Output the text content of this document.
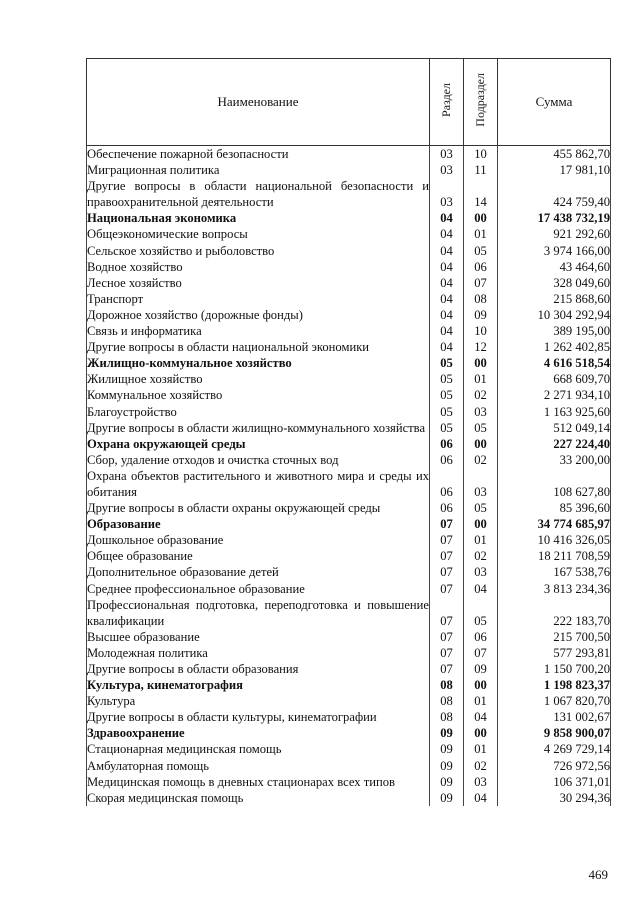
Наименование	Раздел	Подраздел	Сумма
Обеспечение пожарной безопасности	03	10	455 862,70
Миграционная политика	03	11	17 981,10
Другие вопросы в области национальной безопасности и правоохранительной деятельности	03	14	424 759,40
Национальная экономика	04	00	17 438 732,19
Общеэкономические вопросы	04	01	921 292,60
Сельское хозяйство и рыболовство	04	05	3 974 166,00
Водное хозяйство	04	06	43 464,60
Лесное хозяйство	04	07	328 049,60
Транспорт	04	08	215 868,60
Дорожное хозяйство (дорожные фонды)	04	09	10 304 292,94
Связь и информатика	04	10	389 195,00
Другие вопросы в области национальной экономики	04	12	1 262 402,85
Жилищно-коммунальное хозяйство	05	00	4 616 518,54
Жилищное хозяйство	05	01	668 609,70
Коммунальное хозяйство	05	02	2 271 934,10
Благоустройство	05	03	1 163 925,60
Другие вопросы в области жилищно-коммунального хозяйства	05	05	512 049,14
Охрана окружающей среды	06	00	227 224,40
Сбор, удаление отходов и очистка сточных вод	06	02	33 200,00
Охрана объектов растительного и животного мира и среды их обитания	06	03	108 627,80
Другие вопросы в области охраны окружающей среды	06	05	85 396,60
Образование	07	00	34 774 685,97
Дошкольное образование	07	01	10 416 326,05
Общее образование	07	02	18 211 708,59
Дополнительное образование детей	07	03	167 538,76
Среднее профессиональное образование	07	04	3 813 234,36
Профессиональная подготовка, переподготовка и повышение квалификации	07	05	222 183,70
Высшее образование	07	06	215 700,50
Молодежная политика	07	07	577 293,81
Другие вопросы в области образования	07	09	1 150 700,20
Культура, кинематография	08	00	1 198 823,37
Культура	08	01	1 067 820,70
Другие вопросы в области культуры, кинематографии	08	04	131 002,67
Здравоохранение	09	00	9 858 900,07
Стационарная медицинская помощь	09	01	4 269 729,14
Амбулаторная помощь	09	02	726 972,56
Медицинская помощь в дневных стационарах всех типов	09	03	106 371,01
Скорая медицинская помощь	09	04	30 294,36
469
